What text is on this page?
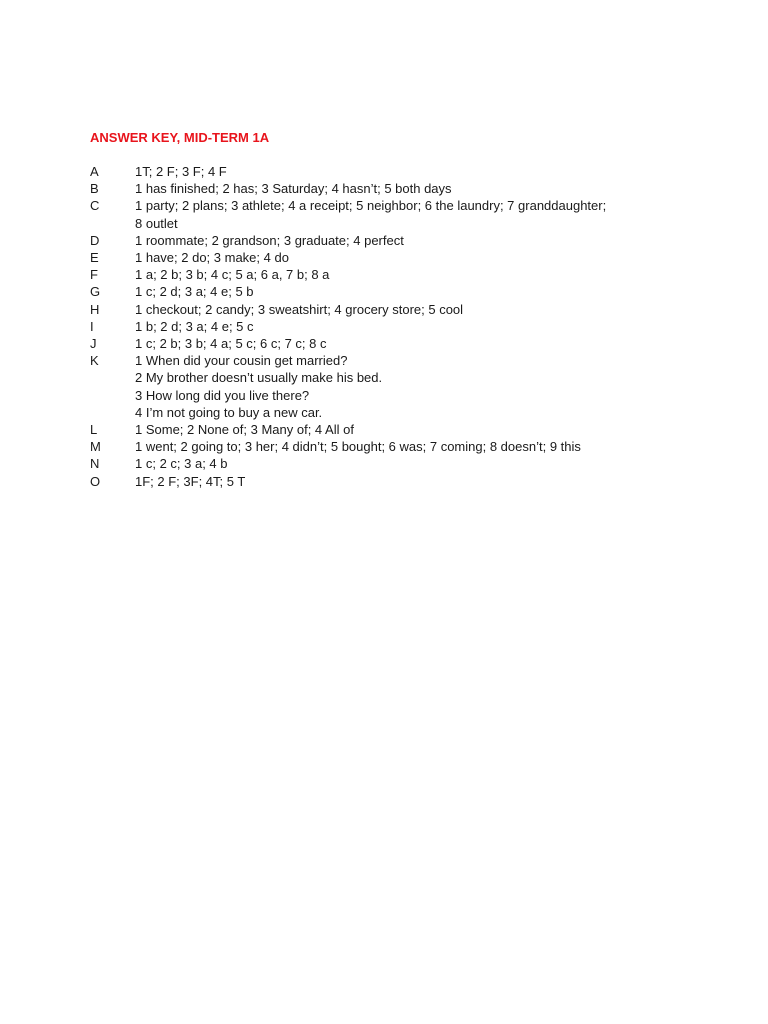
ANSWER KEY, MID-TERM 1A
A	1T; 2 F; 3 F; 4 F
B	1 has finished; 2 has; 3 Saturday; 4 hasn’t; 5 both days
C	1 party; 2 plans; 3 athlete; 4 a receipt; 5 neighbor; 6 the laundry; 7 granddaughter;
8 outlet
D	1 roommate; 2 grandson; 3 graduate; 4 perfect
E	1 have; 2 do; 3 make; 4 do
F	1 a; 2 b; 3 b; 4 c; 5 a; 6 a, 7 b; 8 a
G	1 c; 2 d; 3 a; 4 e; 5 b
H	1 checkout; 2 candy; 3 sweatshirt; 4 grocery store; 5 cool
I	1 b; 2 d; 3 a; 4 e; 5 c
J	1 c; 2 b; 3 b; 4 a; 5 c; 6 c; 7 c; 8 c
K	1 When did your cousin get married?
2 My brother doesn’t usually make his bed.
3 How long did you live there?
4 I’m not going to buy a new car.
L	1 Some; 2 None of; 3 Many of; 4 All of
M	1 went; 2 going to; 3 her; 4 didn’t; 5 bought; 6 was; 7 coming; 8 doesn’t; 9 this
N	1 c; 2 c; 3 a; 4 b
O	1F; 2 F; 3F; 4T; 5 T
